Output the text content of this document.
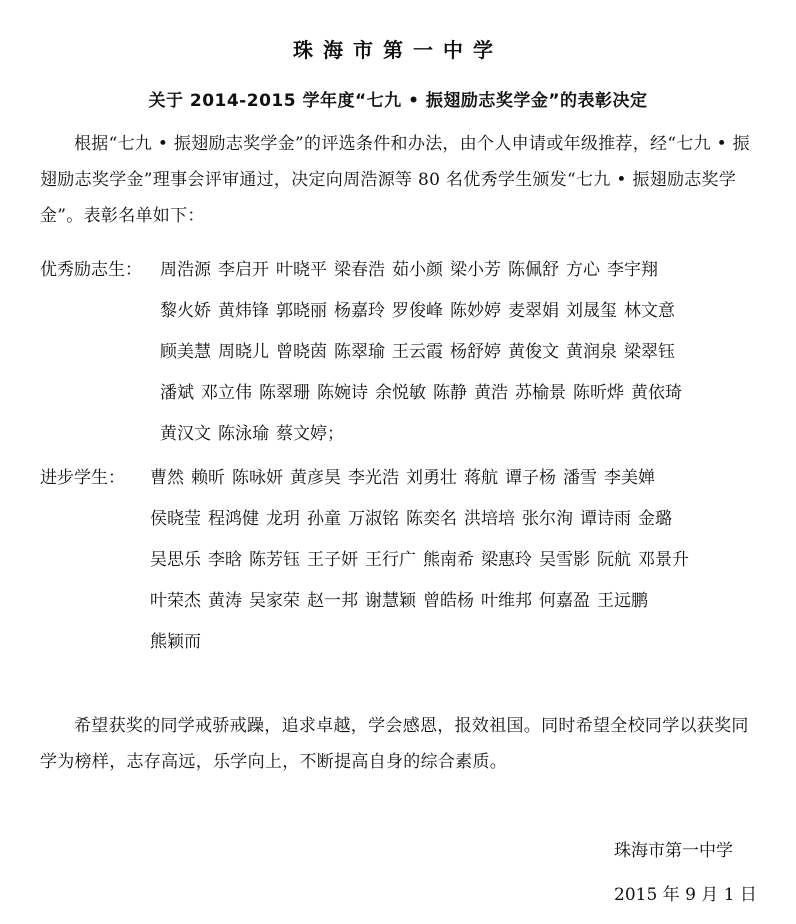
珠海市第一中学
关于 2014-2015 学年度“七九 • 振翅励志奖学金”的表彰决定
根据“七九 • 振翅励志奖学金”的评选条件和办法，由个人申请或年级推荐，经“七九 • 振翅励志奖学金”理事会评审通过，决定向周浩源等 80 名优秀学生颁发“七九 • 振翅励志奖学金”。表彰名单如下：
优秀励志生： 周浩源 李启开 叶晓平 梁春浩 茹小颜 梁小芳 陈佩舒 方心 李宇翔
黎火娇 黄炜锋 郭晓丽 杨嘉玲 罗俊峰 陈妙婷 麦翠娟 刘晟玺 林文意
顾美慧 周晓儿 曾晓茵 陈翠瑜 王云霞 杨舒婷 黄俊文 黄润泉 梁翠钰
潘斌 邓立伟 陈翠珊 陈婉诗 余悦敏 陈静 黄浩 苏榆景 陈昕烨 黄依琦
黄汉文 陈泳瑜 蔡文婷；
进步学生： 曹然 赖昕 陈咏妍 黄彦昊 李光浩 刘勇壮 蒋航 谭子杨 潘雪 李美婵
侯晓莹 程鸿健 龙玥 孙童 万淑铭 陈奕名 洪培培 张尔洵 谭诗雨 金璐
吴思乐 李晗 陈芳钰 王子妍 王行广 熊南希 梁惠玲 吴雪影 阮航 邓景升
叶荣杰 黄涛 吴家荣 赵一邦 谢慧颖 曾皓杨 叶维邦 何嘉盈 王远鹏
熊颖而
希望获奖的同学戒骄戒躁，追求卓越，学会感恩，报效祖国。同时希望全校同学以获奖同学为榜样，志存高远，乐学向上，不断提高自身的综合素质。
珠海市第一中学
2015 年 9 月 1 日
